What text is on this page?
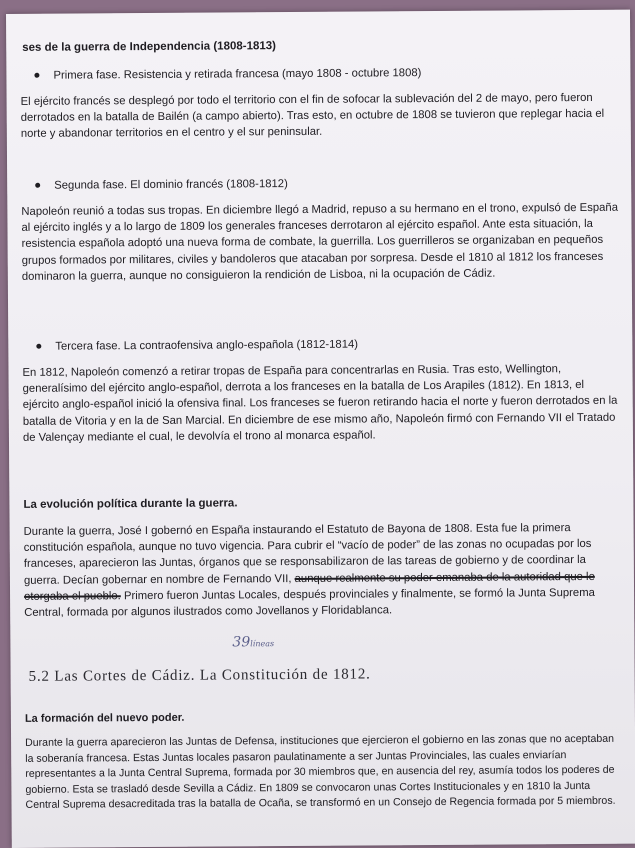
ses de la guerra de Independencia (1808-1813)

Primera fase. Resistencia y retirada francesa (mayo 1808 - octubre 1808)

El ejército francés se desplegó por todo el territorio con el fin de sofocar la sublevación del 2 de mayo, pero fueron derrotados en la batalla de Bailén (a campo abierto). Tras esto, en octubre de 1808 se tuvieron que replegar hacia el norte y abandonar territorios en el centro y el sur peninsular.

Segunda fase. El dominio francés (1808-1812)

Napoleón reunió a todas sus tropas. En diciembre llegó a Madrid, repuso a su hermano en el trono, expulsó de España al ejército inglés y a lo largo de 1809 los generales franceses derrotaron al ejército español. Ante esta situación, la resistencia española adoptó una nueva forma de combate, la guerrilla. Los guerrilleros se organizaban en pequeños grupos formados por militares, civiles y bandoleros que atacaban por sorpresa. Desde el 1810 al 1812 los franceses dominaron la guerra, aunque no consiguieron la rendición de Lisboa, ni la ocupación de Cádiz.

Tercera fase. La contraofensiva anglo-española (1812-1814)

En 1812, Napoleón comenzó a retirar tropas de España para concentrarlas en Rusia. Tras esto, Wellington, generalísimo del ejército anglo-español, derrota a los franceses en la batalla de Los Arapiles (1812). En 1813, el ejército anglo-español inició la ofensiva final. Los franceses se fueron retirando hacia el norte y fueron derrotados en la batalla de Vitoria y en la de San Marcial. En diciembre de ese mismo año, Napoleón firmó con Fernando VII el Tratado de Valençay mediante el cual, le devolvía el trono al monarca español.

La evolución política durante la guerra.

Durante la guerra, José I gobernó en España instaurando el Estatuto de Bayona de 1808. Esta fue la primera constitución española, aunque no tuvo vigencia. Para cubrir el “vacío de poder” de las zonas no ocupadas por los franceses, aparecieron las Juntas, órganos que se responsabilizaron de las tareas de gobierno y de coordinar la guerra. Decían gobernar en nombre de Fernando VII, aunque realmente su poder emanaba de la autoridad que le otorgaba el pueblo. Primero fueron Juntas Locales, después provinciales y finalmente, se formó la Junta Suprema Central, formada por algunos ilustrados como Jovellanos y Floridablanca.

39líneas
5.2 Las Cortes de Cádiz. La Constitución de 1812.

La formación del nuevo poder.

Durante la guerra aparecieron las Juntas de Defensa, instituciones que ejercieron el gobierno en las zonas que no aceptaban la soberanía francesa. Estas Juntas locales pasaron paulatinamente a ser Juntas Provinciales, las cuales enviarían representantes a la Junta Central Suprema, formada por 30 miembros que, en ausencia del rey, asumía todos los poderes de gobierno. Esta se trasladó desde Sevilla a Cádiz. En 1809 se convocaron unas Cortes Institucionales y en 1810 la Junta Central Suprema desacreditada tras la batalla de Ocaña, se transformó en un Consejo de Regencia formada por 5 miembros.
